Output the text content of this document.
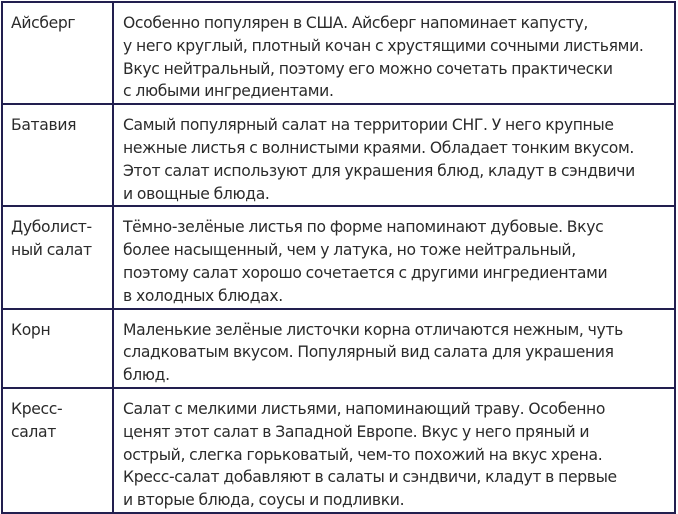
Айсберг	Особенно популярен в США. Айсберг напоминает капусту,
у него круглый, плотный кочан с хрустящими сочными листьями.
Вкус нейтральный, поэтому его можно сочетать практически
с любыми ингредиентами.

Батавия	Самый популярный салат на территории СНГ. У него крупные
нежные листья с волнистыми краями. Обладает тонким вкусом.
Этот салат используют для украшения блюд, кладут в сэндвичи
и овощные блюда.

Дуболист-
ный салат	Тёмно-зелёные листья по форме напоминают дубовые. Вкус
более насыщенный, чем у латука, но тоже нейтральный,
поэтому салат хорошо сочетается с другими ингредиентами
в холодных блюдах.

Корн	Маленькие зелёные листочки корна отличаются нежным, чуть
сладковатым вкусом. Популярный вид салата для украшения
блюд.

Кресс-
салат	Салат с мелкими листьями, напоминающий траву. Особенно
ценят этот салат в Западной Европе. Вкус у него пряный и
острый, слегка горьковатый, чем-то похожий на вкус хрена.
Кресс-салат добавляют в салаты и сэндвичи, кладут в первые
и вторые блюда, соусы и подливки.
